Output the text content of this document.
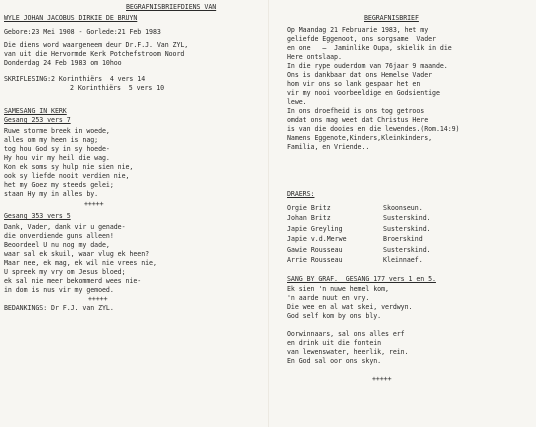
BEGRAFNISBRIEFDIENS VAN
WYLE JOHAN JACOBUS DIRKIE DE BRUYN
Gebore:23 Mei 1908 - Gorlede:21 Feb 1983
Die diens word waargeneem deur Dr.F.J. Van ZYL,
van uit die Hervormde Kerk Potchefstroom Noord
Donderdag 24 Feb 1983 om 10hoo
SKRIFLESING:2 Korinthiërs  4 vers 14
2 Korinthiërs  5 vers 10
SAMESANG IN KERK
Gesang 253 vers 7
Ruwe storme breek in woede,
alles om my heen is nag;
tog hou God sy in sy hoede-
Hy hou vir my heil die wag.
Kon ek soms sy hulp nie sien nie,
ook sy liefde nooit verdien nie,
het my Goez my steeds gelei;
staan Hy my in alles by.
+++++
Gesang 353 vers 5
Dank, Vader, dank vir u genade-
die onverdiende guns alleen!
Beoordeel U nu nog my dade,
waar sal ek skuil, waar vlug ek heen?
Maar nee, ek mag, ek wil nie vrees nie,
U spreek my vry om Jesus bloed;
ek sal nie meer bekommerd wees nie-
in dom is nus vir my gemoed.
+++++
BEDANKINGS: Dr F.J. van ZYL.
BEGRAFNISBRIEF
Op Maandag 21 Februarie 1983, het my
geliefde Eggenoot, ons sorgsame  Vader
en one   ̶  Jaminlike Oupa, skielik in die
Here ontslaap.
In die rype ouderdom van 76jaar 9 maande.
Ons is dankbaar dat ons Hemelse Vader
hom vir ons so lank gespaar het en
vir my nooi voorbeeldige en Godsientige
lewe.
In ons droefheid is ons tog getroos
omdat ons mag weet dat Christus Here
is van die dooies en die lewendes.(Rom.14:9)
Namens Eggenote,Kinders,Kleinkinders,
Familia, en Vriende..
DRAERS:
Orgie Britz	Skoonseun.
Johan Britz	Susterskind.
Japie Greyling	Susterskind.
Japie v.d.Merwe	Broerskind
Gawie Rousseau	Susterskind.
Arrie Rousseau	Kleinnaef.
SANG BY GRAF.  GESANG 177 vers 1 en 5.
Ek sien 'n nuwe hemel kom,
'n aarde nuut en vry.
Die wee en al wat skei, verdwyn.
God self kom by ons bly.
Oorwinnaars, sal ons alles erf
en drink uit die fontein
van lewenswater, heerlik, rein.
En God sal oor ons skyn.
+++++
